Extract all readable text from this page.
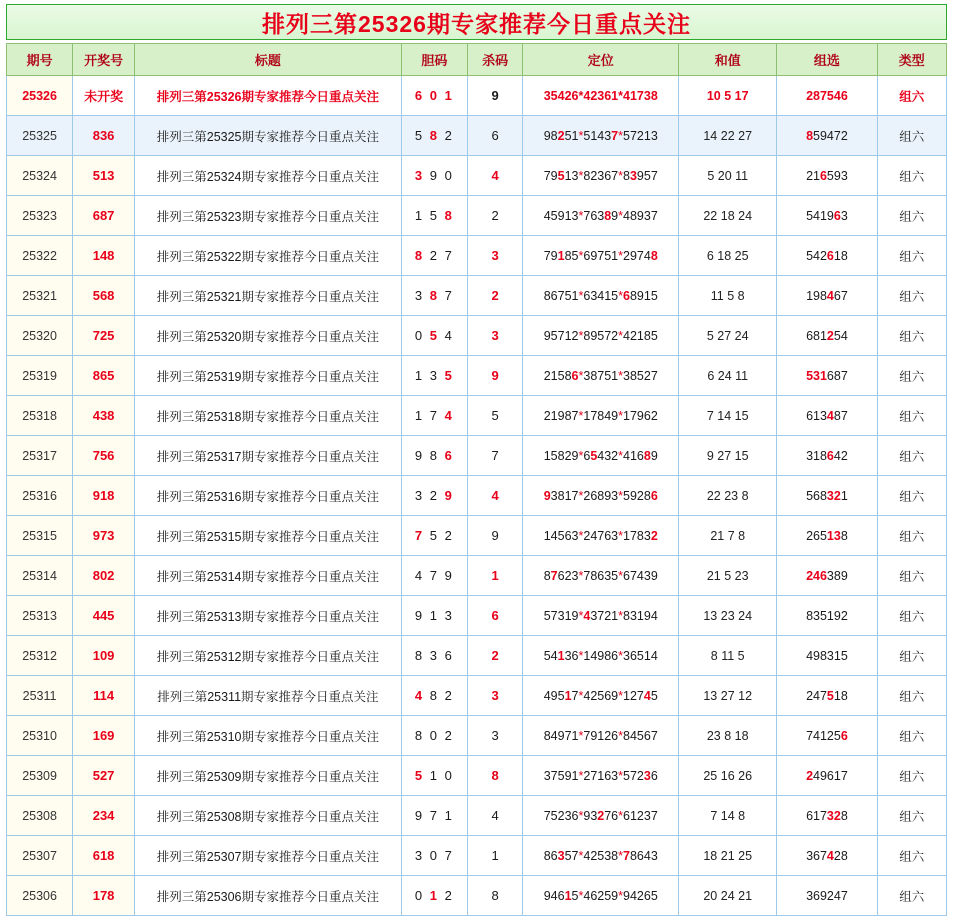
排列三第25326期专家推荐今日重点关注
期号	开奖号	标题	胆码	杀码	定位	和值	组选	类型
25326	未开奖	排列三第25326期专家推荐今日重点关注	6 0 1	9	35426*42361*41738	10 5 17	287546	组六
25325	836	排列三第25325期专家推荐今日重点关注	5 8 2	6	98251*51437*57213	14 22 27	859472	组六
25324	513	排列三第25324期专家推荐今日重点关注	3 9 0	4	79513*82367*83957	5 20 11	216593	组六
25323	687	排列三第25323期专家推荐今日重点关注	1 5 8	2	45913*76389*48937	22 18 24	541963	组六
25322	148	排列三第25322期专家推荐今日重点关注	8 2 7	3	79185*69751*29748	6 18 25	542618	组六
25321	568	排列三第25321期专家推荐今日重点关注	3 8 7	2	86751*63415*68915	11 5 8	198467	组六
25320	725	排列三第25320期专家推荐今日重点关注	0 5 4	3	95712*89572*42185	5 27 24	681254	组六
25319	865	排列三第25319期专家推荐今日重点关注	1 3 5	9	21586*38751*38527	6 24 11	531687	组六
25318	438	排列三第25318期专家推荐今日重点关注	1 7 4	5	21987*17849*17962	7 14 15	613487	组六
25317	756	排列三第25317期专家推荐今日重点关注	9 8 6	7	15829*65432*41689	9 27 15	318642	组六
25316	918	排列三第25316期专家推荐今日重点关注	3 2 9	4	93817*26893*59286	22 23 8	568321	组六
25315	973	排列三第25315期专家推荐今日重点关注	7 5 2	9	14563*24763*17832	21 7 8	265138	组六
25314	802	排列三第25314期专家推荐今日重点关注	4 7 9	1	87623*78635*67439	21 5 23	246389	组六
25313	445	排列三第25313期专家推荐今日重点关注	9 1 3	6	57319*43721*83194	13 23 24	835192	组六
25312	109	排列三第25312期专家推荐今日重点关注	8 3 6	2	54136*14986*36514	8 11 5	498315	组六
25311	114	排列三第25311期专家推荐今日重点关注	4 8 2	3	49517*42569*12745	13 27 12	247518	组六
25310	169	排列三第25310期专家推荐今日重点关注	8 0 2	3	84971*79126*84567	23 8 18	741256	组六
25309	527	排列三第25309期专家推荐今日重点关注	5 1 0	8	37591*27163*57236	25 16 26	249617	组六
25308	234	排列三第25308期专家推荐今日重点关注	9 7 1	4	75236*93276*61237	7 14 8	617328	组六
25307	618	排列三第25307期专家推荐今日重点关注	3 0 7	1	86357*42538*78643	18 21 25	367428	组六
25306	178	排列三第25306期专家推荐今日重点关注	0 1 2	8	94615*46259*94265	20 24 21	369247	组六
